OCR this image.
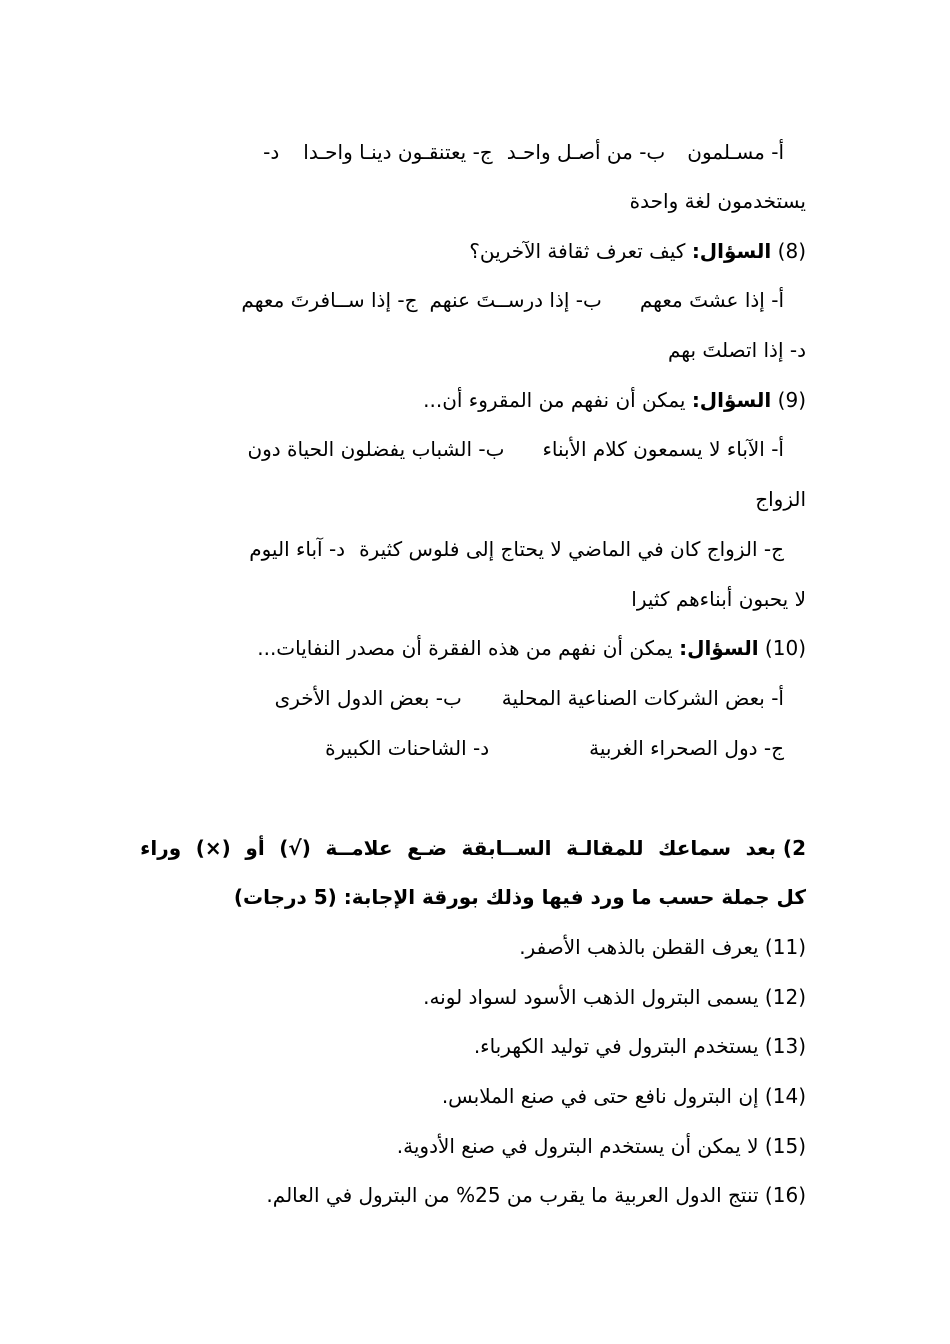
أ- مسـلمونب- من أصـل واحـدج- يعتنقـون دينـا واحـداد-
يستخدمون لغة واحدة
(8) السؤال: كيف تعرف ثقافة الآخرين؟
أ- إذا عشتَ معهمب- إذا درســتَ عنهمج- إذا ســافرتَ معهم
د- إذا اتصلتَ بهم
(9) السؤال: يمكن أن نفهم من المقروء أن...
أ- الآباء لا يسمعون كلام الأبناءب- الشباب يفضلون الحياة دون
الزواج
ج- الزواج كان في الماضي لا يحتاج إلى فلوس كثيرةد- آباء اليوم
لا يحبون أبناءهم كثيرا
(10) السؤال: يمكن أن نفهم من هذه الفقرة أن مصدر النفايات...
أ- بعض الشركات الصناعية المحليةب- بعض الدول الأخرى
ج- دول الصحراء الغربيةد- الشاحنات الكبيرة
2) بعد
سماعك
للمقالـة
الســابقة
ضـع
علامــة
(√)
أو
(×)
وراء
كل جملة حسب ما ورد فيها وذلك بورقة الإجابة: (5 درجات)
(11) يعرف القطن بالذهب الأصفر.
(12) يسمى البترول الذهب الأسود لسواد لونه.
(13) يستخدم البترول في توليد الكهرباء.
(14) إن البترول نافع حتى في صنع الملابس.
(15) لا يمكن أن يستخدم البترول في صنع الأدوية.
(16) تنتج الدول العربية ما يقرب من 25% من البترول في العالم.
